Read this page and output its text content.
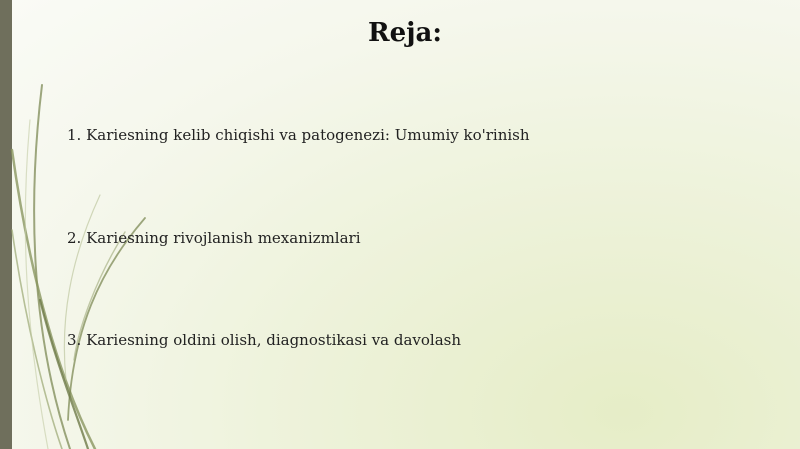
Reja:
1. Kariesning kelib chiqishi va patogenezi: Umumiy ko'rinish
2. Kariesning rivojlanish mexanizmlari
3. Kariesning oldini olish, diagnostikasi va davolash
